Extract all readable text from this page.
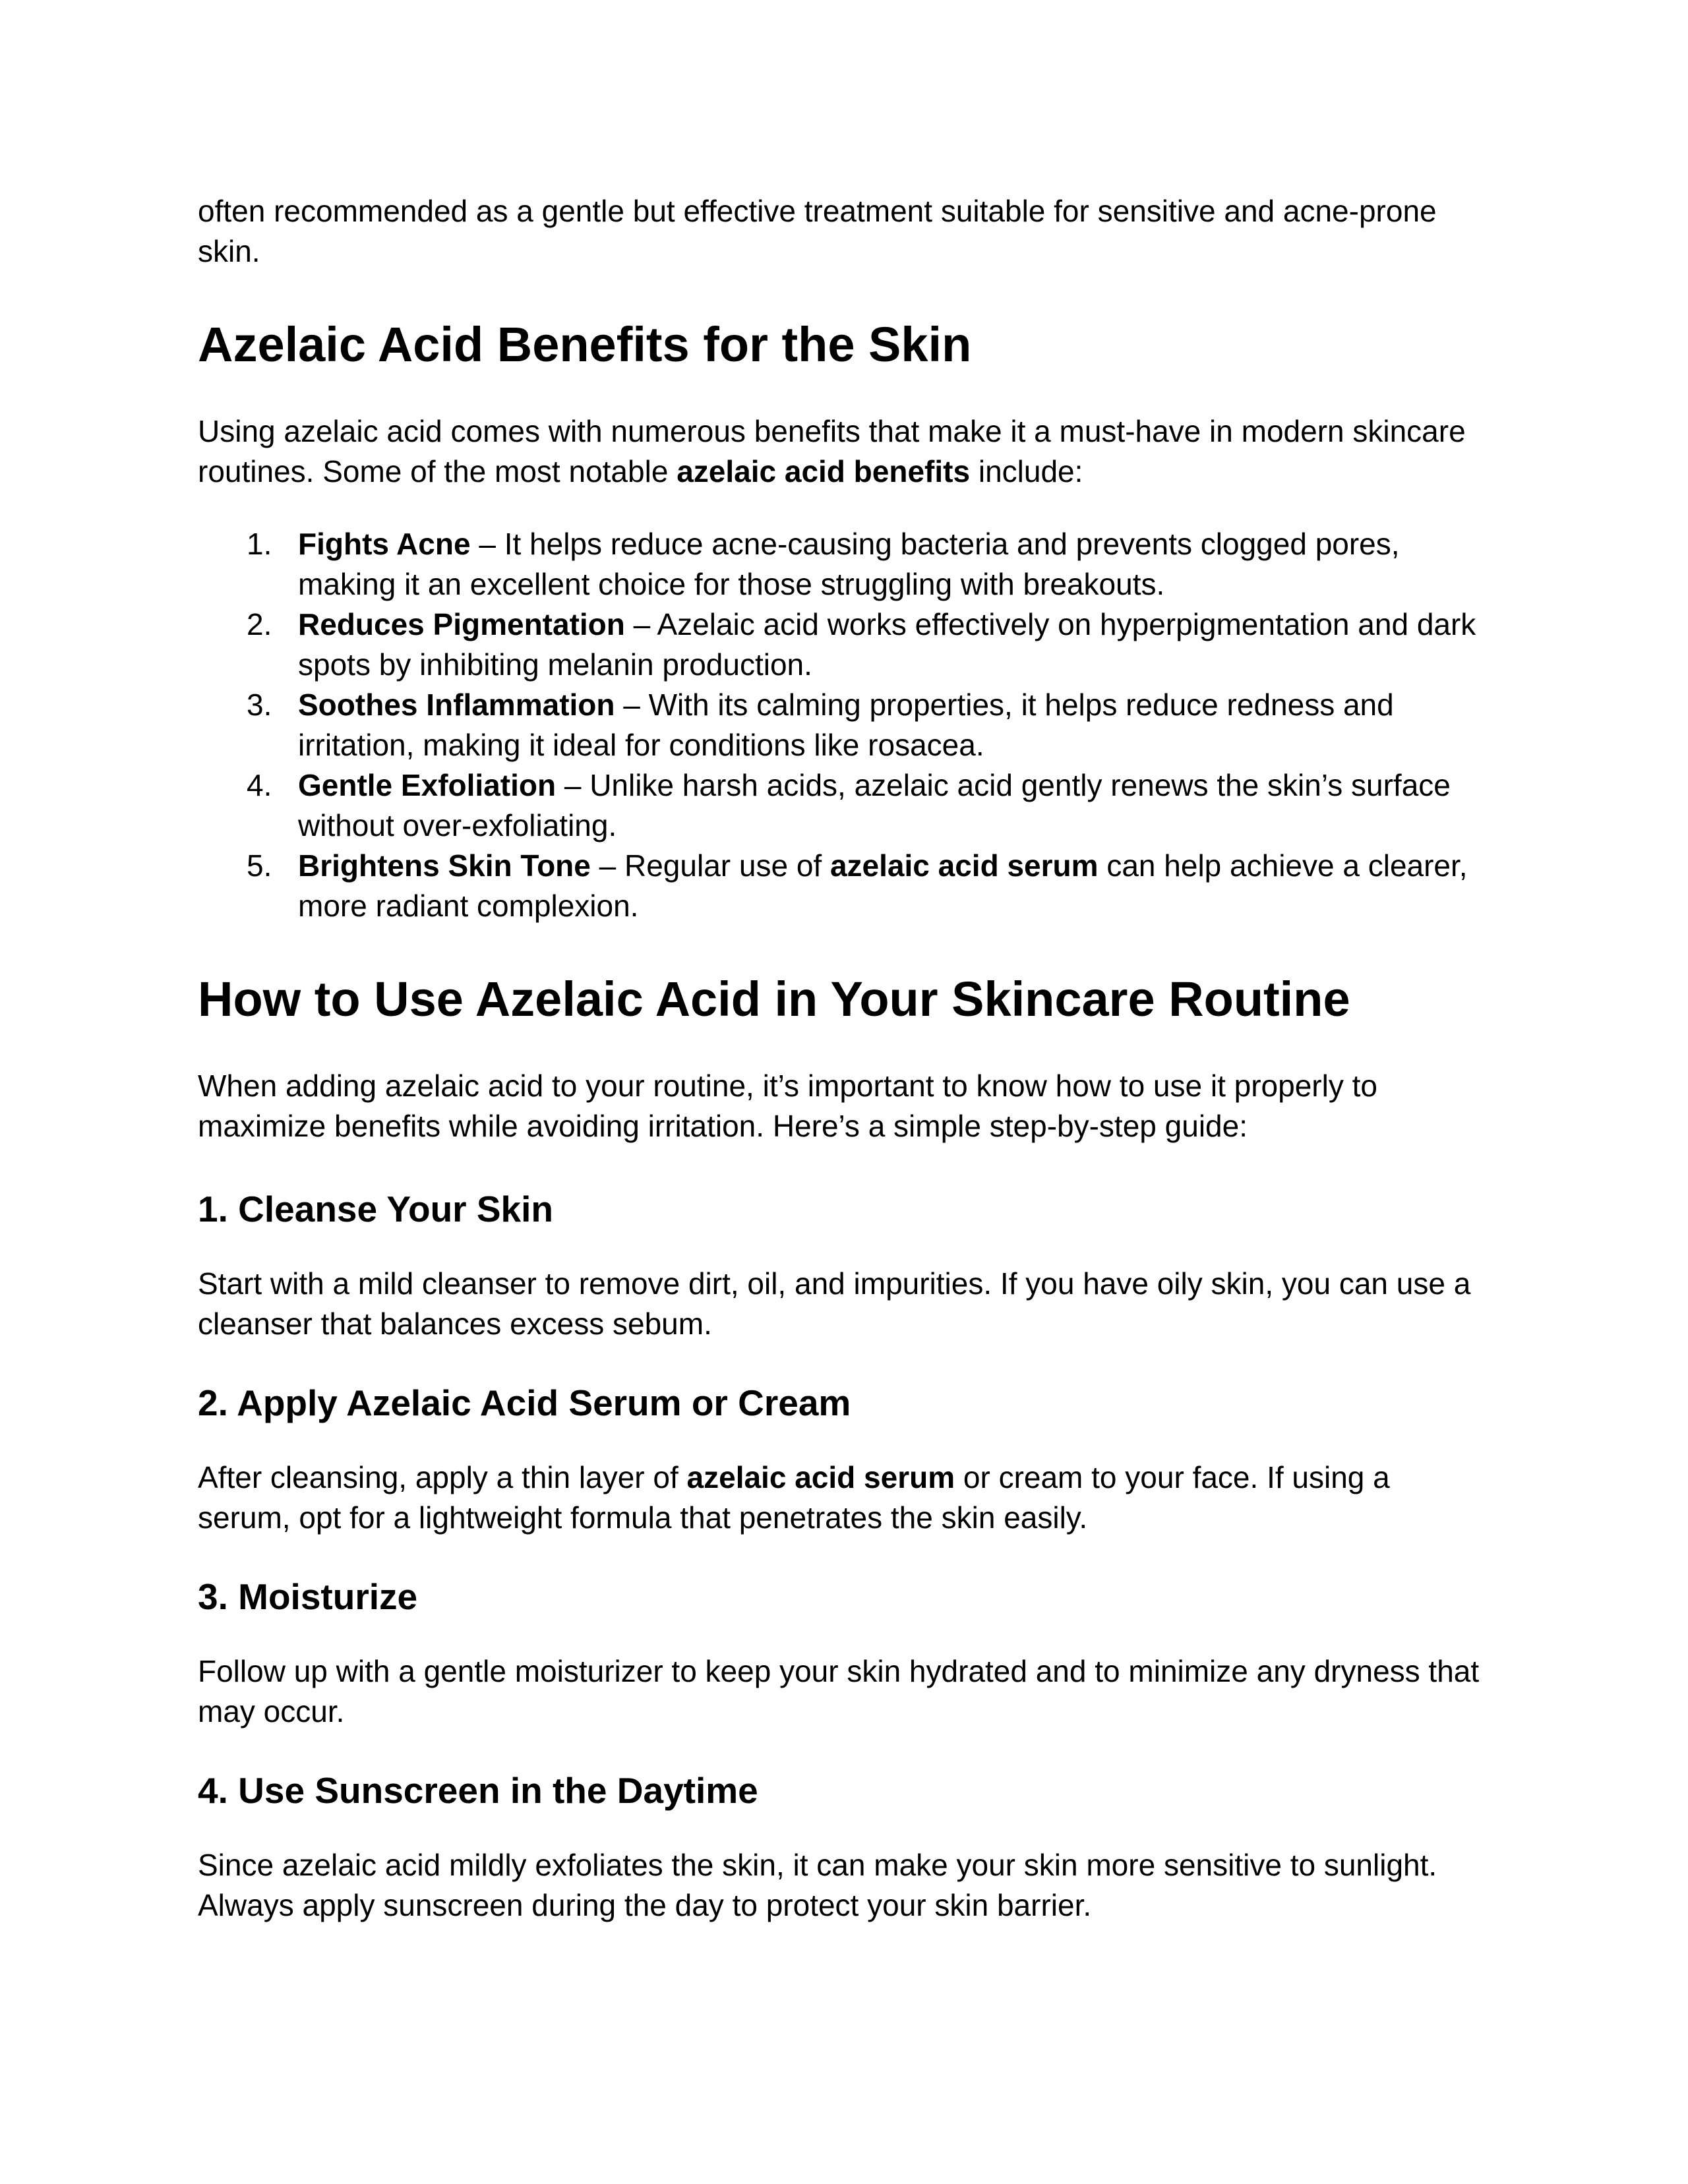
often recommended as a gentle but effective treatment suitable for sensitive and acne-prone skin.

Azelaic Acid Benefits for the Skin

Using azelaic acid comes with numerous benefits that make it a must-have in modern skincare routines. Some of the most notable azelaic acid benefits include:

1. Fights Acne – It helps reduce acne-causing bacteria and prevents clogged pores, making it an excellent choice for those struggling with breakouts.
2. Reduces Pigmentation – Azelaic acid works effectively on hyperpigmentation and dark spots by inhibiting melanin production.
3. Soothes Inflammation – With its calming properties, it helps reduce redness and irritation, making it ideal for conditions like rosacea.
4. Gentle Exfoliation – Unlike harsh acids, azelaic acid gently renews the skin’s surface without over-exfoliating.
5. Brightens Skin Tone – Regular use of azelaic acid serum can help achieve a clearer, more radiant complexion.
How to Use Azelaic Acid in Your Skincare Routine

When adding azelaic acid to your routine, it’s important to know how to use it properly to maximize benefits while avoiding irritation. Here’s a simple step-by-step guide:

1. Cleanse Your Skin

Start with a mild cleanser to remove dirt, oil, and impurities. If you have oily skin, you can use a cleanser that balances excess sebum.

2. Apply Azelaic Acid Serum or Cream

After cleansing, apply a thin layer of azelaic acid serum or cream to your face. If using a serum, opt for a lightweight formula that penetrates the skin easily.

3. Moisturize

Follow up with a gentle moisturizer to keep your skin hydrated and to minimize any dryness that may occur.

4. Use Sunscreen in the Daytime

Since azelaic acid mildly exfoliates the skin, it can make your skin more sensitive to sunlight. Always apply sunscreen during the day to protect your skin barrier.
